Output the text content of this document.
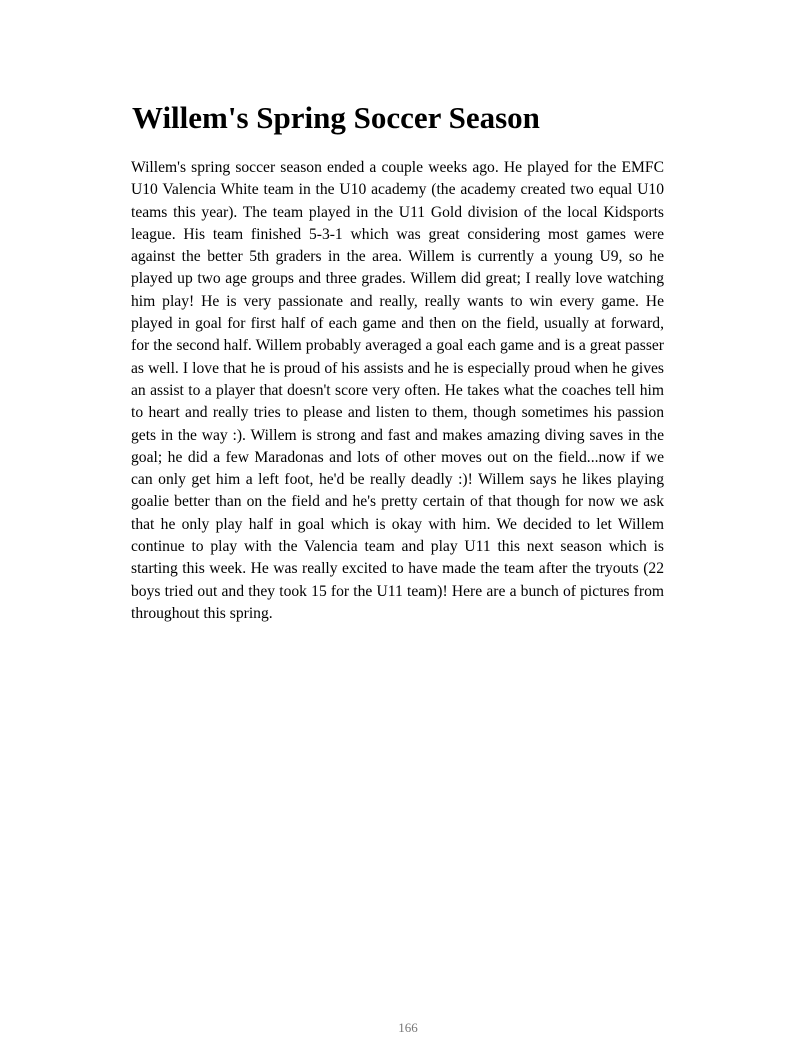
Willem's Spring Soccer Season

Willem's spring soccer season ended a couple weeks ago. He played for the EMFC U10 Valencia White team in the U10 academy (the academy created two equal U10 teams this year). The team played in the U11 Gold division of the local Kidsports league. His team finished 5-3-1 which was great considering most games were against the better 5th graders in the area. Willem is currently a young U9, so he played up two age groups and three grades. Willem did great; I really love watching him play! He is very passionate and really, really wants to win every game. He played in goal for first half of each game and then on the field, usually at forward, for the second half. Willem probably averaged a goal each game and is a great passer as well. I love that he is proud of his assists and he is especially proud when he gives an assist to a player that doesn't score very often. He takes what the coaches tell him to heart and really tries to please and listen to them, though sometimes his passion gets in the way :). Willem is strong and fast and makes amazing diving saves in the goal; he did a few Maradonas and lots of other moves out on the field...now if we can only get him a left foot, he'd be really deadly :)! Willem says he likes playing goalie better than on the field and he's pretty certain of that though for now we ask that he only play half in goal which is okay with him. We decided to let Willem continue to play with the Valencia team and play U11 this next season which is starting this week. He was really excited to have made the team after the tryouts (22 boys tried out and they took 15 for the U11 team)! Here are a bunch of pictures from throughout this spring.

166
